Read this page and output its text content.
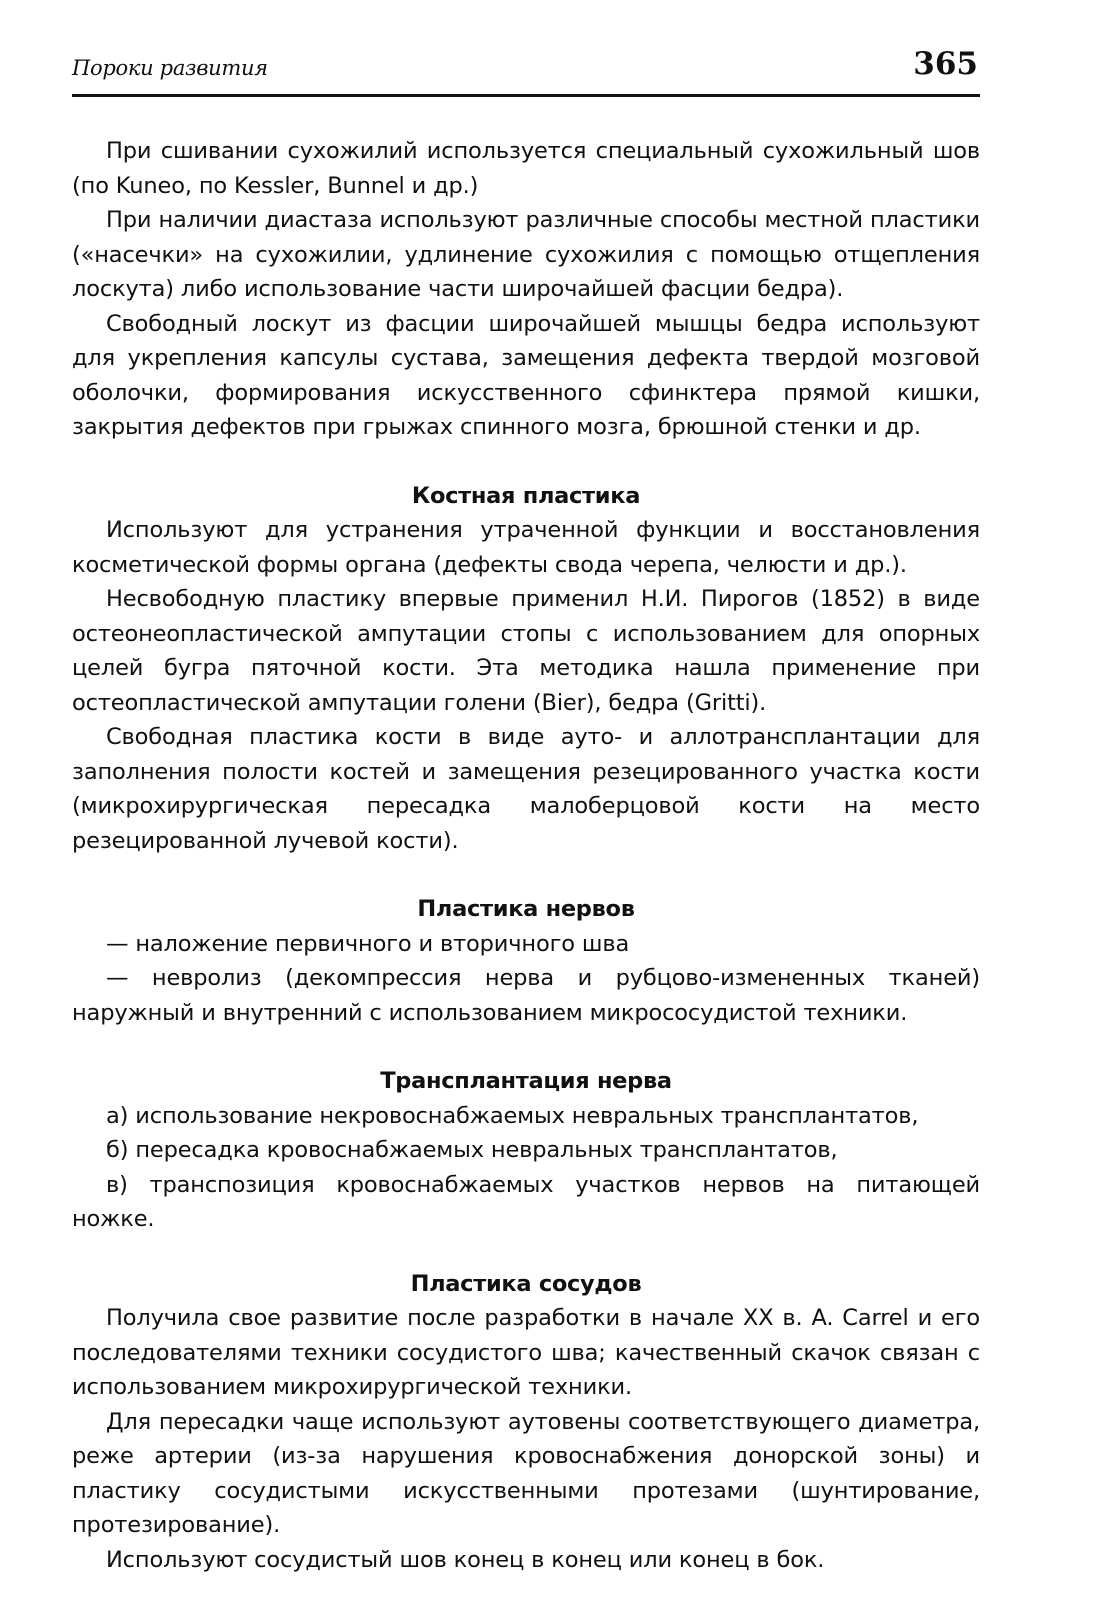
Пороки развития	365

При сшивании сухожилий используется специальный сухожильный шов (по Kuneo, по Kessler, Bunnel и др.)

При наличии диастаза используют различные способы местной пластики («насечки» на сухожилии, удлинение сухожилия с помощью отщепления лоскута) либо использование части широчайшей фасции бедра).

Свободный лоскут из фасции широчайшей мышцы бедра используют для укрепления капсулы сустава, замещения дефекта твердой мозговой оболочки, формирования искусственного сфинктера прямой кишки, закрытия дефектов при грыжах спинного мозга, брюшной стенки и др.

Костная пластика

Используют для устранения утраченной функции и восстановления косметической формы органа (дефекты свода черепа, челюсти и др.).

Несвободную пластику впервые применил Н.И. Пирогов (1852) в виде остеонеопластической ампутации стопы с использованием для опорных целей бугра пяточной кости. Эта методика нашла применение при остеопластической ампутации голени (Bier), бедра (Gritti).

Свободная пластика кости в виде ауто- и аллотрансплантации для заполнения полости костей и замещения резецированного участка кости (микрохирургическая пересадка малоберцовой кости на место

резецированной лучевой кости).

Пластика нервов

— наложение первичного и вторичного шва

— невролиз (декомпрессия нерва и рубцово-измененных тканей) наружный и внутренний с использованием микрососудистой техники.

Трансплантация нерва

а) использование некровоснабжаемых невральных трансплантатов,

б) пересадка кровоснабжаемых невральных трансплантатов,

в) транспозиция кровоснабжаемых участков нервов на питающей ножке.

Пластика сосудов

Получила свое развитие после разработки в начале XX в. A. Carrel и его последователями техники сосудистого шва; качественный скачок связан с использованием микрохирургической техники.

Для пересадки чаще используют аутовены соответствующего диаметра, реже артерии (из-за нарушения кровоснабжения донорской зоны) и пластику сосудистыми искусственными протезами (шунтирование, протезирование).

Используют сосудистый шов конец в конец или конец в бок.
